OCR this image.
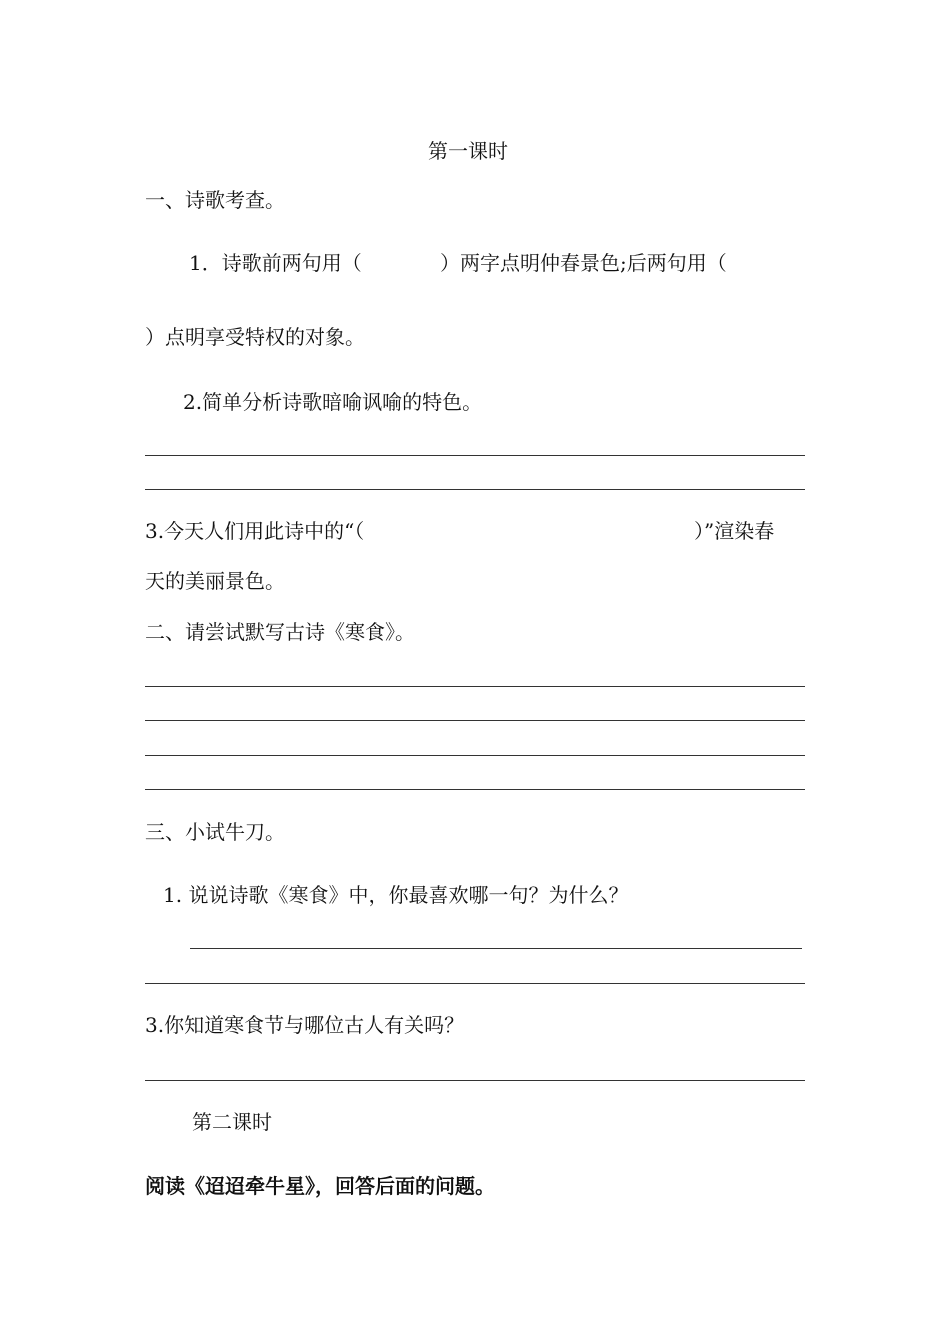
第一课时
一、诗歌考查。
1．诗歌前两句用（	）两字点明仲春景色;后两句用（
）点明享受特权的对象。
2.简单分析诗歌暗喻讽喻的特色。
3.今天人们用此诗中的“（	）”渲染春
天的美丽景色。
二、请尝试默写古诗《寒食》。
三、小试牛刀。
1. 说说诗歌《寒食》中，你最喜欢哪一句？为什么？
3.你知道寒食节与哪位古人有关吗？
第二课时
阅读《迢迢牵牛星》，回答后面的问题。
